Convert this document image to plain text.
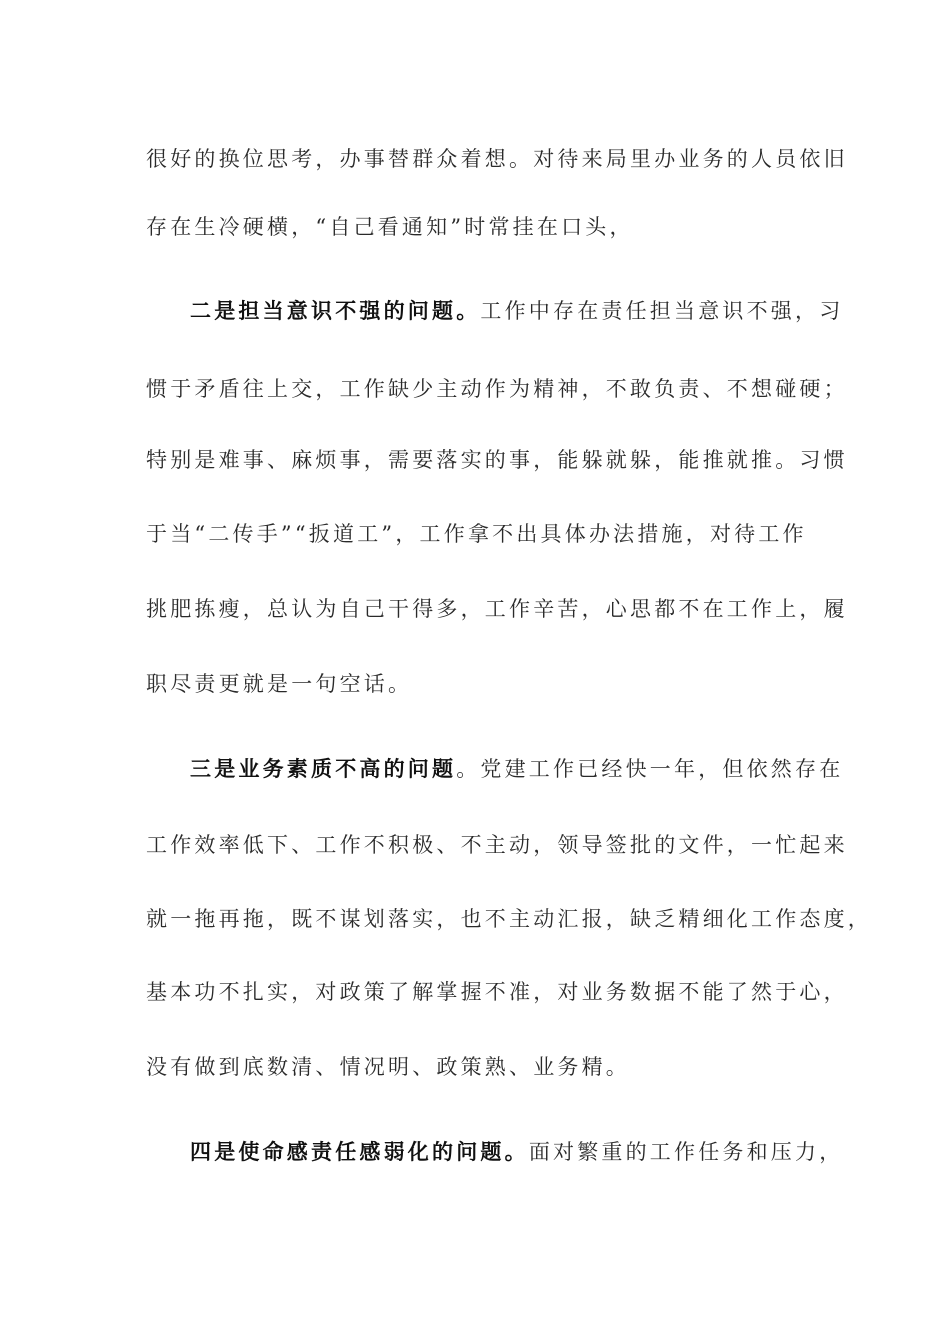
很好的换位思考，办事替群众着想。对待来局里办业务的人员依旧
存在生冷硬横，“自己看通知”时常挂在口头，
二是担当意识不强的问题。工作中存在责任担当意识不强，习
惯于矛盾往上交，工作缺少主动作为精神，不敢负责、不想碰硬；
特别是难事、麻烦事，需要落实的事，能躲就躲，能推就推。习惯
于当“二传手”“扳道工”，工作拿不出具体办法措施，对待工作
挑肥拣瘦，总认为自己干得多，工作辛苦，心思都不在工作上，履
职尽责更就是一句空话。
三是业务素质不高的问题。党建工作已经快一年，但依然存在
工作效率低下、工作不积极、不主动，领导签批的文件，一忙起来
就一拖再拖，既不谋划落实，也不主动汇报，缺乏精细化工作态度，
基本功不扎实，对政策了解掌握不准，对业务数据不能了然于心，
没有做到底数清、情况明、政策熟、业务精。
四是使命感责任感弱化的问题。面对繁重的工作任务和压力，
